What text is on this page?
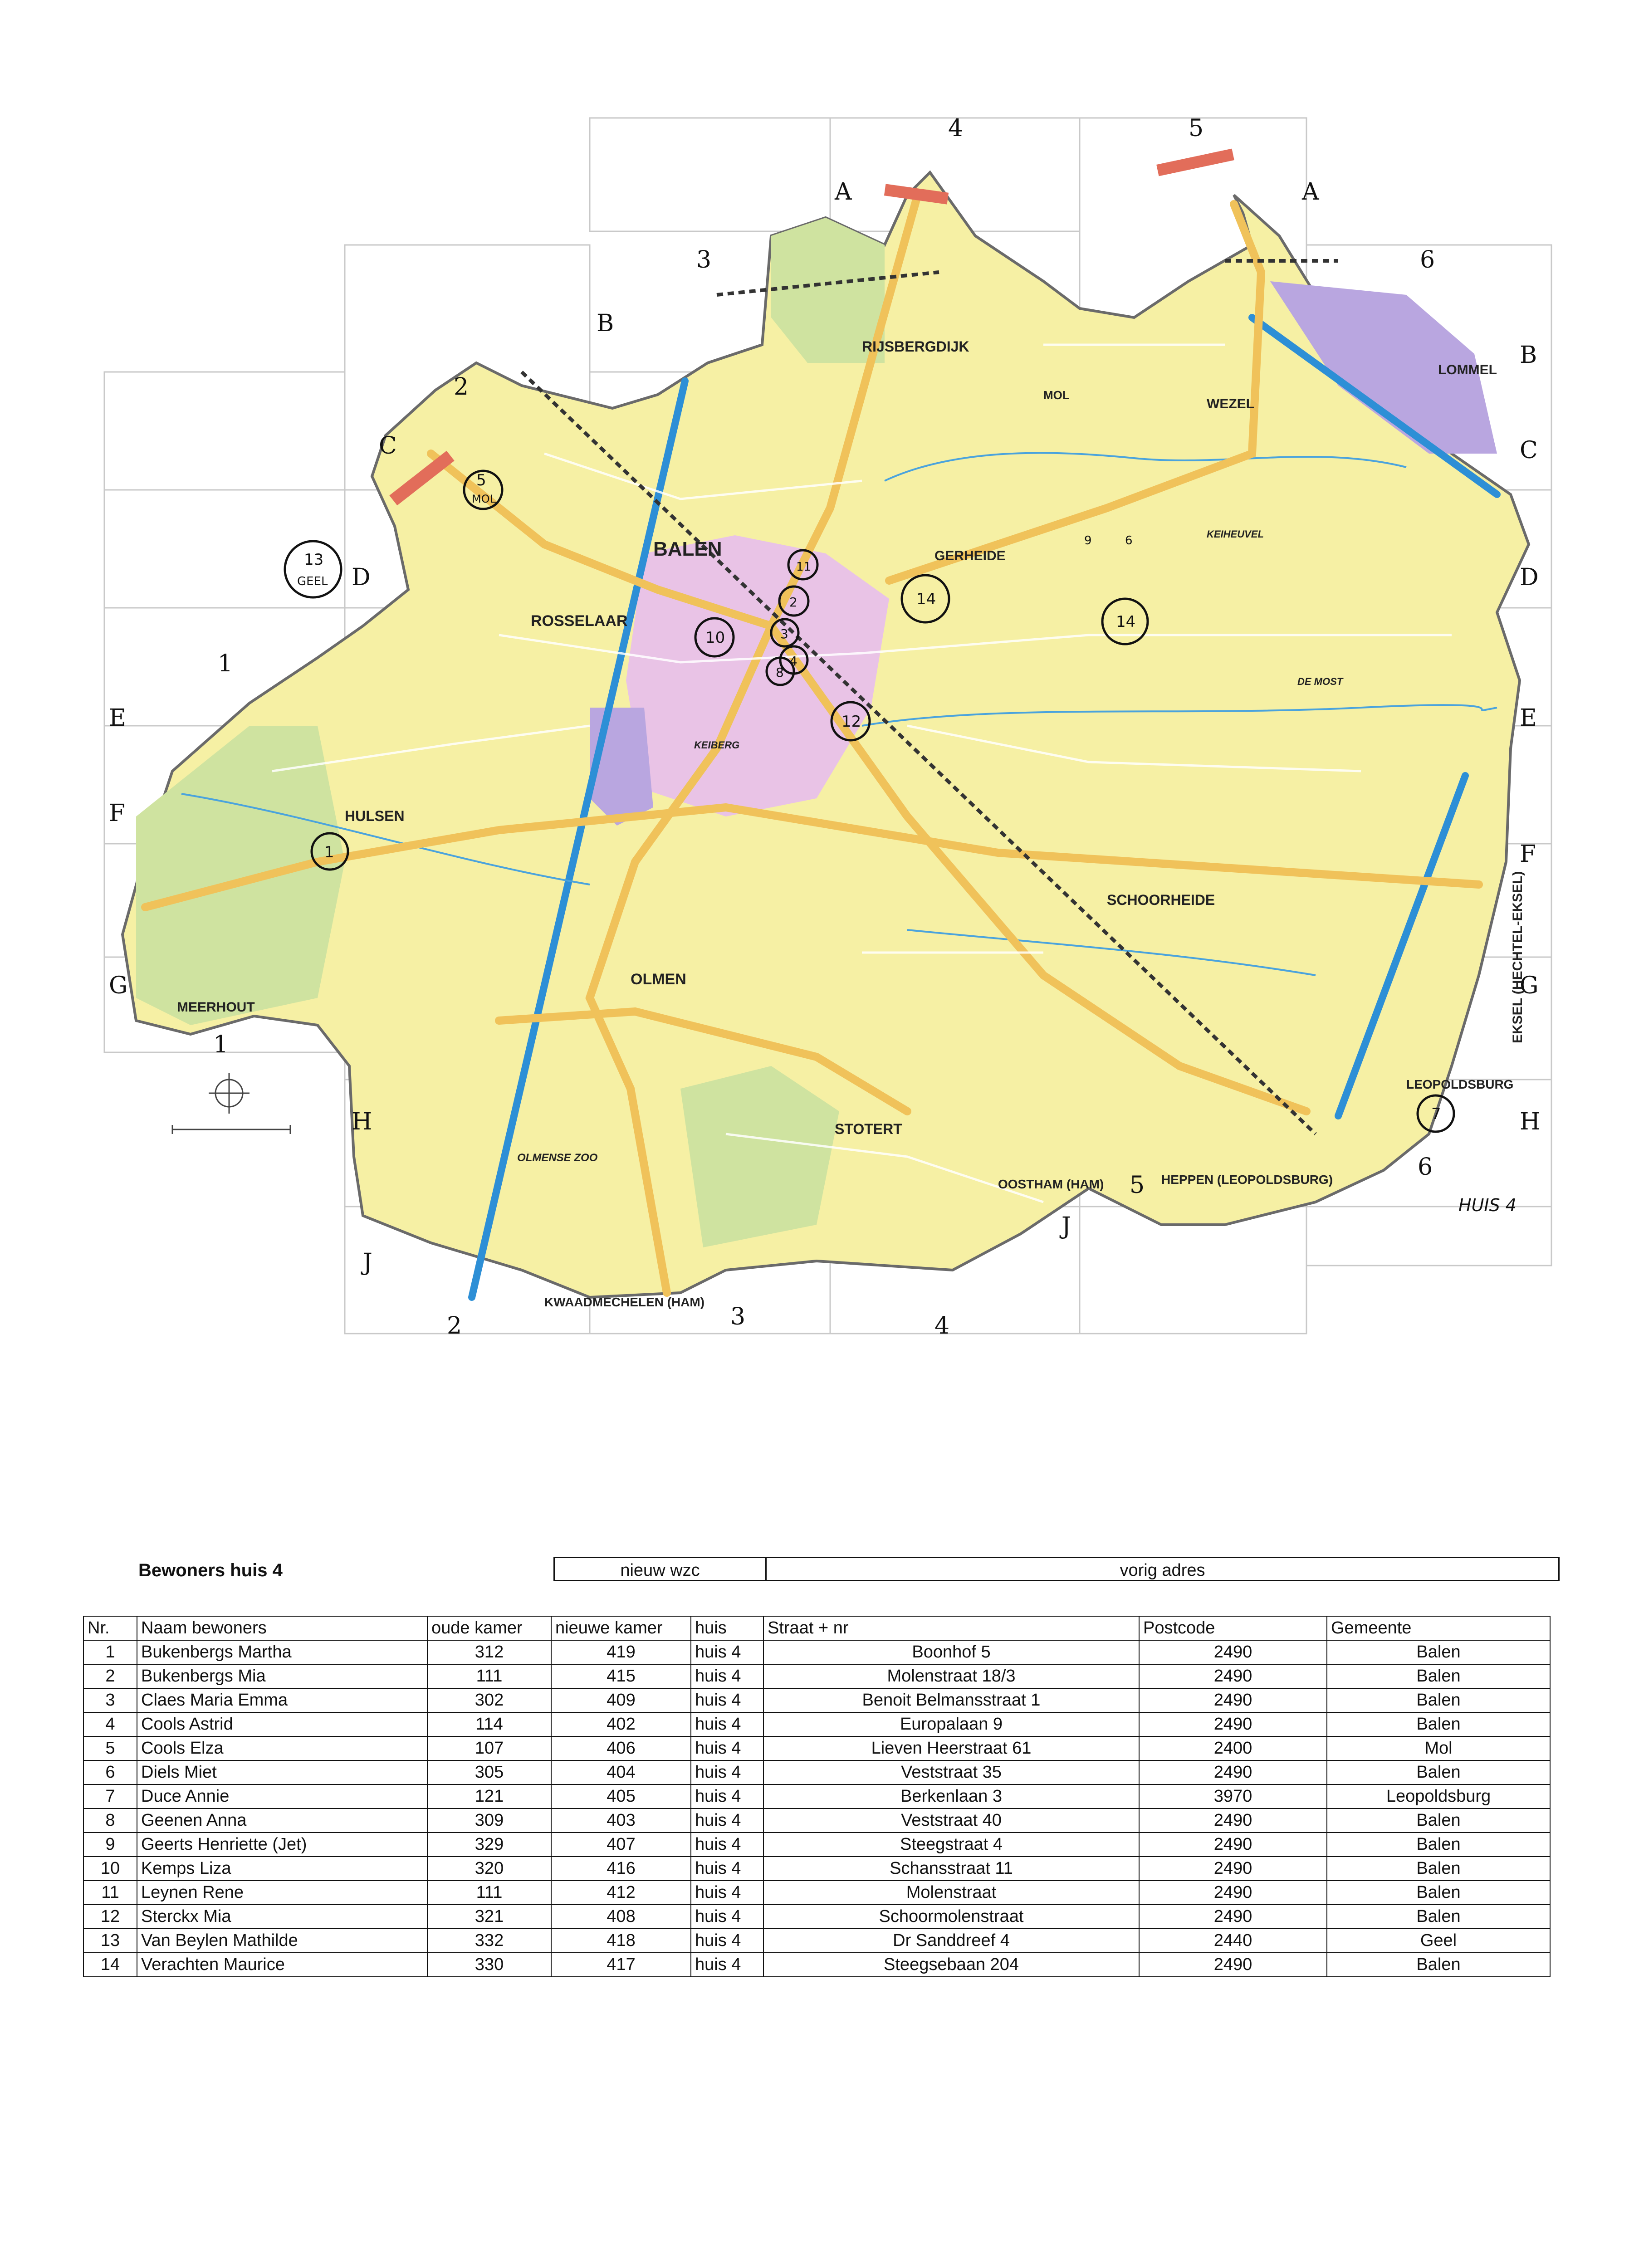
4	5
3	6
2
1
1
5
6
2	3	4
A	A
B
B
C	C
D	D
E	E
F
F
G	G
H	H
J
J
BALEN
ROSSELAAR
HULSEN
OLMEN
SCHOORHEIDE
GERHEIDE
RIJSBERGDIJK
WEZEL
LOMMEL
MEERHOUT
STOTERT
OOSTHAM (HAM)	HEPPEN (LEOPOLDSBURG)
KWAADMECHELEN (HAM)
LEOPOLDSBURG
EKSEL (HECHTEL-EKSEL)
MOL
OLMENSE ZOO
KEIHEUVEL
DE MOST
KEIBERG
1
5
MOL
13
GEEL
10
11
2
3
4
8
12
14
9	6
14
7
HUIS 4
Bewoners huis 4	nieuw wzc	vorig adres
Nr.	Naam bewoners	oude kamer	nieuwe kamer	huis	Straat + nr	Postcode	Gemeente
1	Bukenbergs Martha	312	419	huis 4	Boonhof 5	2490	Balen
2	Bukenbergs Mia	111	415	huis 4	Molenstraat 18/3	2490	Balen
3	Claes Maria Emma	302	409	huis 4	Benoit Belmansstraat 1	2490	Balen
4	Cools Astrid	114	402	huis 4	Europalaan 9	2490	Balen
5	Cools Elza	107	406	huis 4	Lieven Heerstraat 61	2400	Mol
6	Diels Miet	305	404	huis 4	Veststraat 35	2490	Balen
7	Duce Annie	121	405	huis 4	Berkenlaan 3	3970	Leopoldsburg
8	Geenen Anna	309	403	huis 4	Veststraat 40	2490	Balen
9	Geerts Henriette (Jet)	329	407	huis 4	Steegstraat 4	2490	Balen
10	Kemps Liza	320	416	huis 4	Schansstraat 11	2490	Balen
11	Leynen Rene	111	412	huis 4	Molenstraat	2490	Balen
12	Sterckx Mia	321	408	huis 4	Schoormolenstraat	2490	Balen
13	Van Beylen Mathilde	332	418	huis 4	Dr Sanddreef 4	2440	Geel
14	Verachten Maurice	330	417	huis 4	Steegsebaan 204	2490	Balen
